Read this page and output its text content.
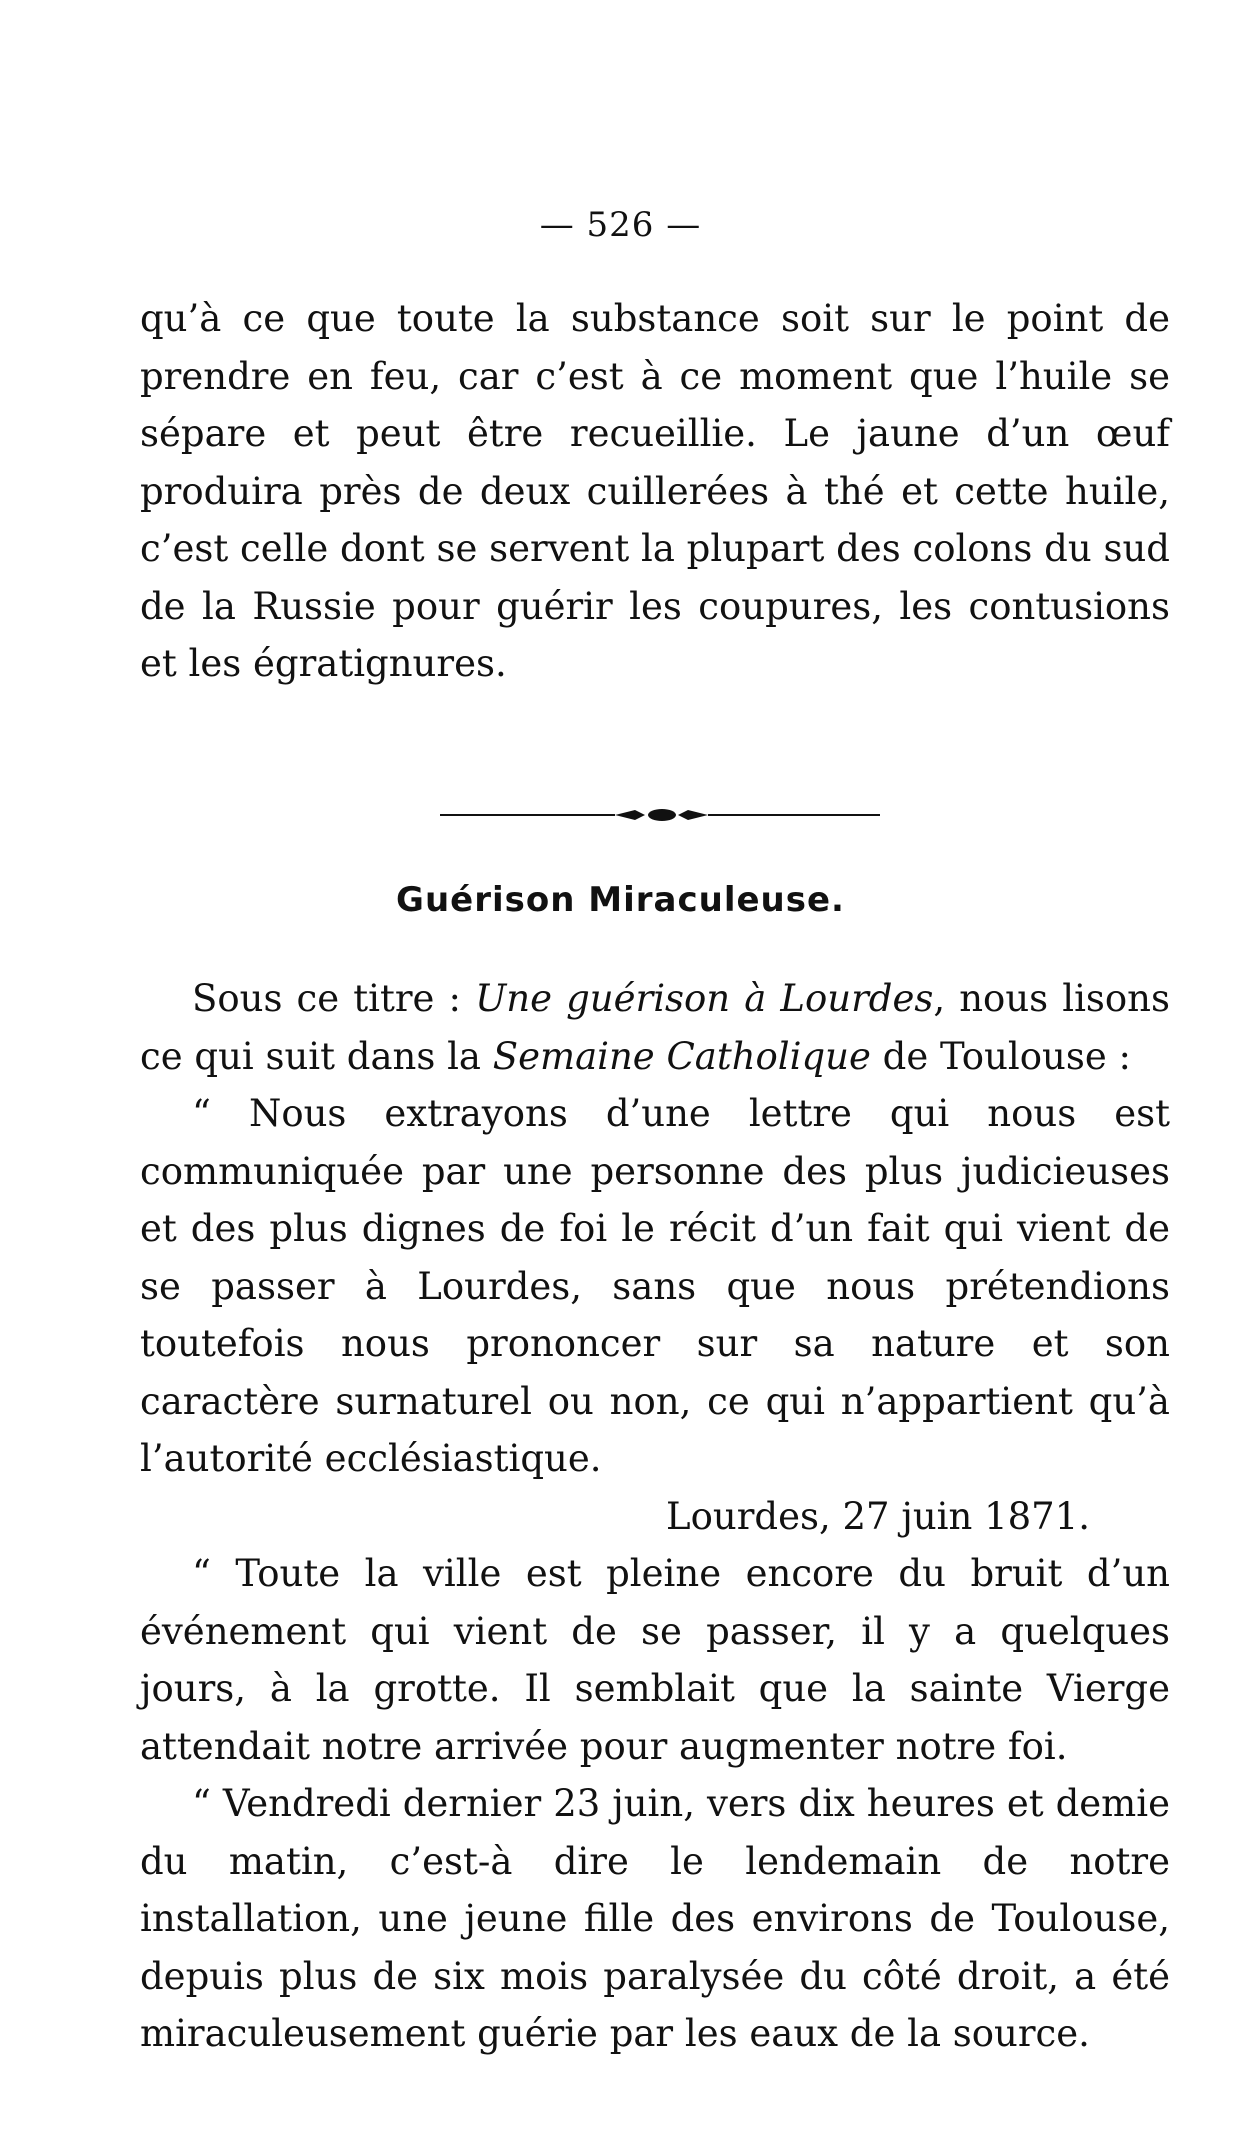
— 526 —

qu’à ce que toute la substance soit sur le point de prendre en feu, car c’est à ce moment que l’huile se sépare et peut être recueillie. Le jaune d’un œuf produira près de deux cuillerées à thé et cette huile, c’est celle dont se servent la plupart des colons du sud de la Russie pour guérir les coupures, les contusions et les égratignures.

Guérison Miraculeuse.

Sous ce titre : Une guérison à Lourdes, nous lisons ce qui suit dans la Semaine Catholique de Toulouse :

“ Nous extrayons d’une lettre qui nous est communiquée par une personne des plus judicieuses et des plus dignes de foi le récit d’un fait qui vient de se passer à Lourdes, sans que nous prétendions toutefois nous prononcer sur sa nature et son caractère surnaturel ou non, ce qui n’appartient qu’à l’autorité ecclésiastique.

Lourdes, 27 juin 1871.

“ Toute la ville est pleine encore du bruit d’un événement qui vient de se passer, il y a quelques jours, à la grotte. Il semblait que la sainte Vierge attendait notre arrivée pour augmenter notre foi.

“ Vendredi dernier 23 juin, vers dix heures et demie du matin, c’est-à dire le lendemain de notre installation, une jeune fille des environs de Toulouse, depuis plus de six mois paralysée du côté droit, a été miraculeusement guérie par les eaux de la source.
